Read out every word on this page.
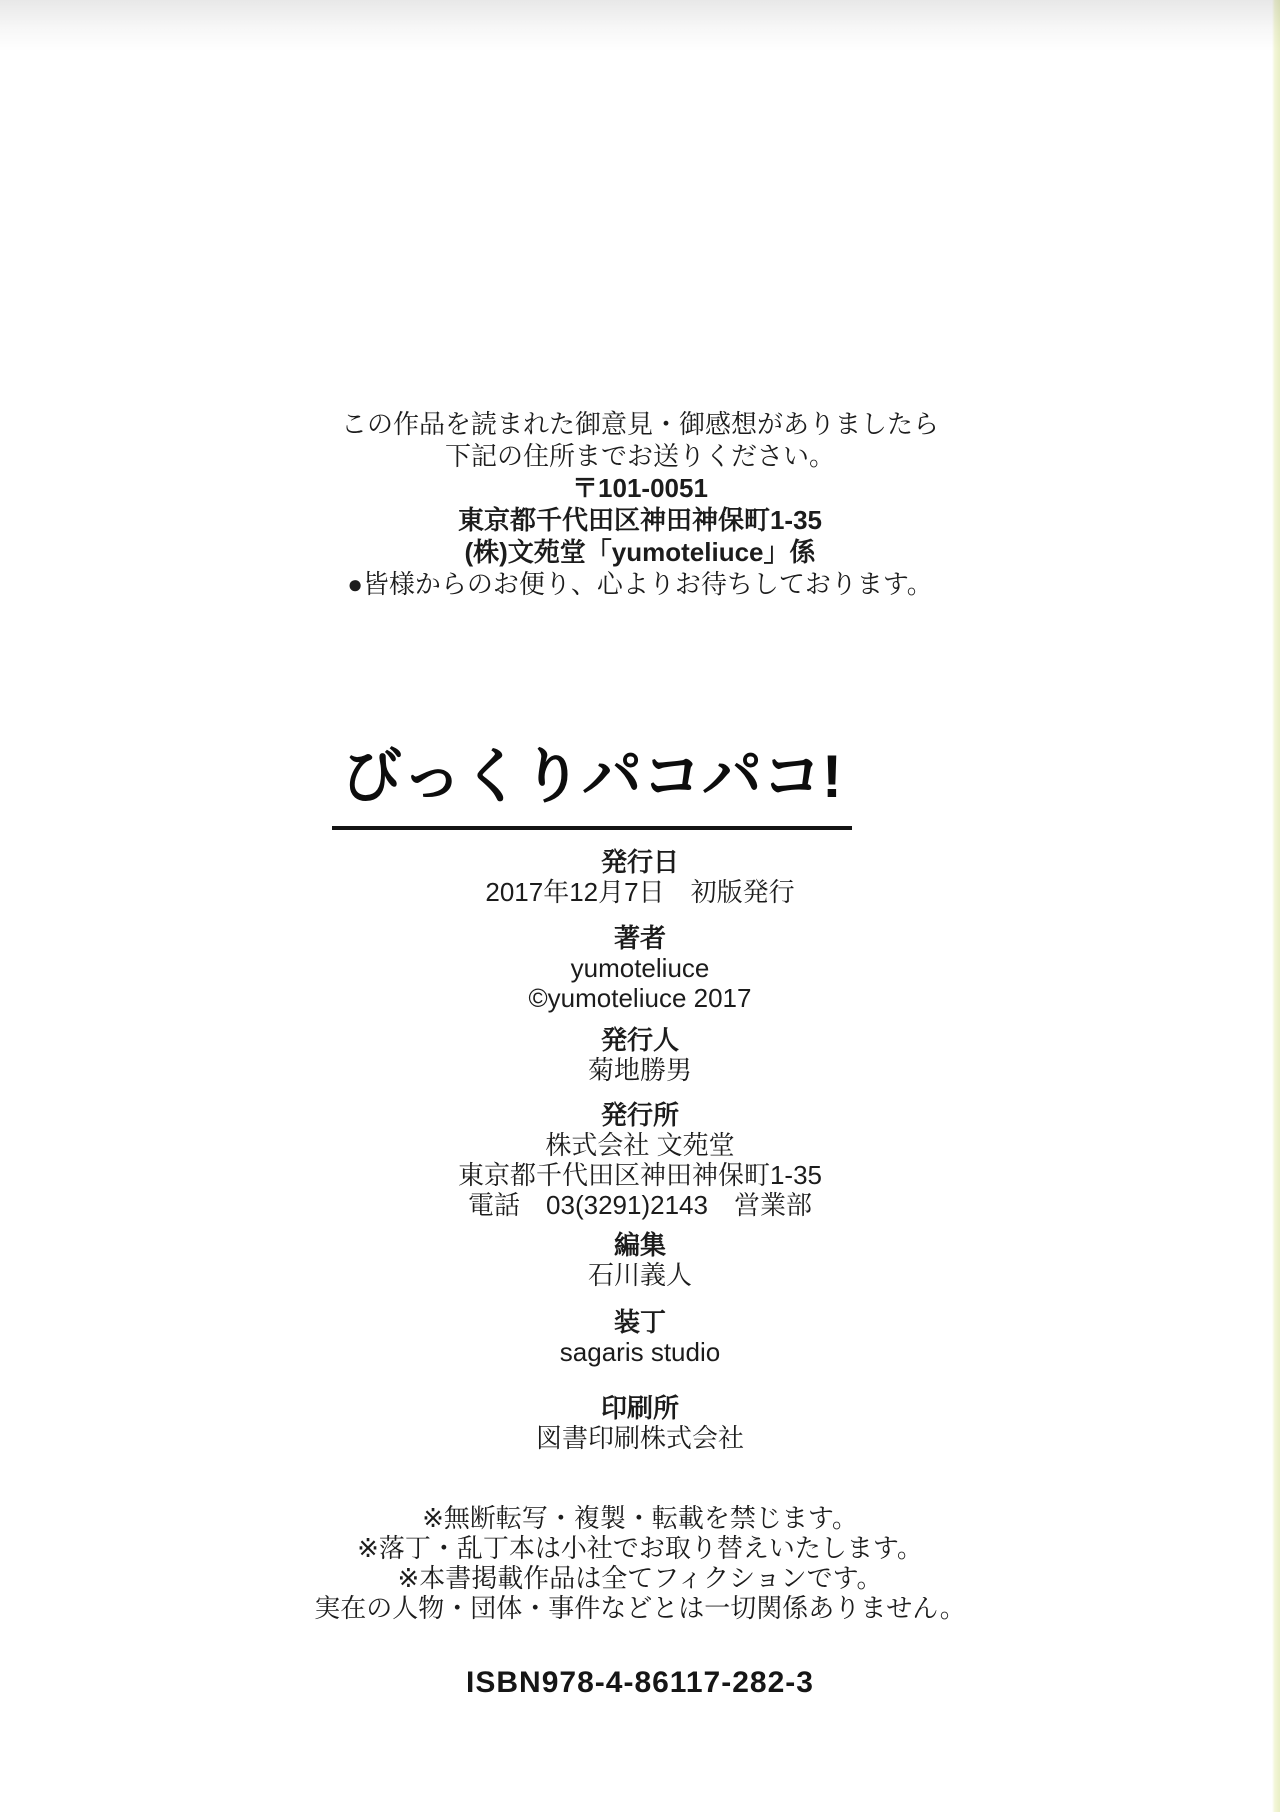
この作品を読まれた御意見・御感想がありましたら
下記の住所までお送りください。
〒101-0051
東京都千代田区神田神保町1-35
(株)文苑堂「yumoteliuce」係
●皆様からのお便り、心よりお待ちしております。
びっくりパコパコ!
発行日
2017年12月7日　初版発行
著者
yumoteliuce
©yumoteliuce 2017
発行人
菊地勝男
発行所
株式会社 文苑堂
東京都千代田区神田神保町1-35
電話　03(3291)2143　営業部
編集
石川義人
装丁
sagaris studio
印刷所
図書印刷株式会社
※無断転写・複製・転載を禁じます。
※落丁・乱丁本は小社でお取り替えいたします。
※本書掲載作品は全てフィクションです。
実在の人物・団体・事件などとは一切関係ありません。
ISBN978-4-86117-282-3
